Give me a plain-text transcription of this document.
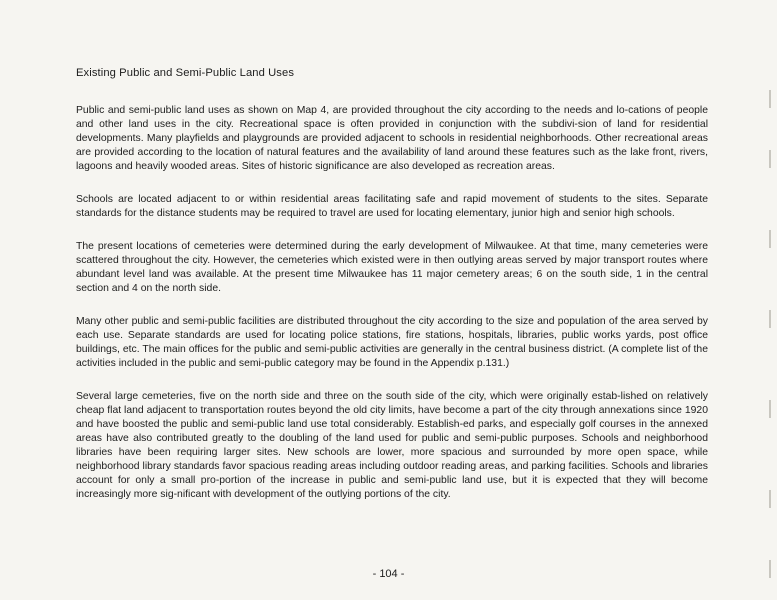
Existing Public and Semi-Public Land Uses

Public and semi-public land uses as shown on Map 4, are provided throughout the city according to the needs and lo-cations of people and other land uses in the city. Recreational space is often provided in conjunction with the subdivi-sion of land for residential developments. Many playfields and playgrounds are provided adjacent to schools in residential neighborhoods. Other recreational areas are provided according to the location of natural features and the availability of land around these features such as the lake front, rivers, lagoons and heavily wooded areas. Sites of historic significance are also developed as recreation areas.

Schools are located adjacent to or within residential areas facilitating safe and rapid movement of students to the sites. Separate standards for the distance students may be required to travel are used for locating elementary, junior high and senior high schools.

The present locations of cemeteries were determined during the early development of Milwaukee. At that time, many cemeteries were scattered throughout the city. However, the cemeteries which existed were in then outlying areas served by major transport routes where abundant level land was available. At the present time Milwaukee has 11 major cemetery areas; 6 on the south side, 1 in the central section and 4 on the north side.

Many other public and semi-public facilities are distributed throughout the city according to the size and population of the area served by each use. Separate standards are used for locating police stations, fire stations, hospitals, libraries, public works yards, post office buildings, etc. The main offices for the public and semi-public activities are generally in the central business district. (A complete list of the activities included in the public and semi-public category may be found in the Appendix p.131.)

Several large cemeteries, five on the north side and three on the south side of the city, which were originally estab-lished on relatively cheap flat land adjacent to transportation routes beyond the old city limits, have become a part of the city through annexations since 1920 and have boosted the public and semi-public land use total considerably. Establish-ed parks, and especially golf courses in the annexed areas have also contributed greatly to the doubling of the land used for public and semi-public purposes. Schools and neighborhood libraries have been requiring larger sites. New schools are lower, more spacious and surrounded by more open space, while neighborhood library standards favor spacious reading areas including outdoor reading areas, and parking facilities. Schools and libraries account for only a small pro-portion of the increase in public and semi-public land use, but it is expected that they will become increasingly more sig-nificant with development of the outlying portions of the city.

- 104 -
